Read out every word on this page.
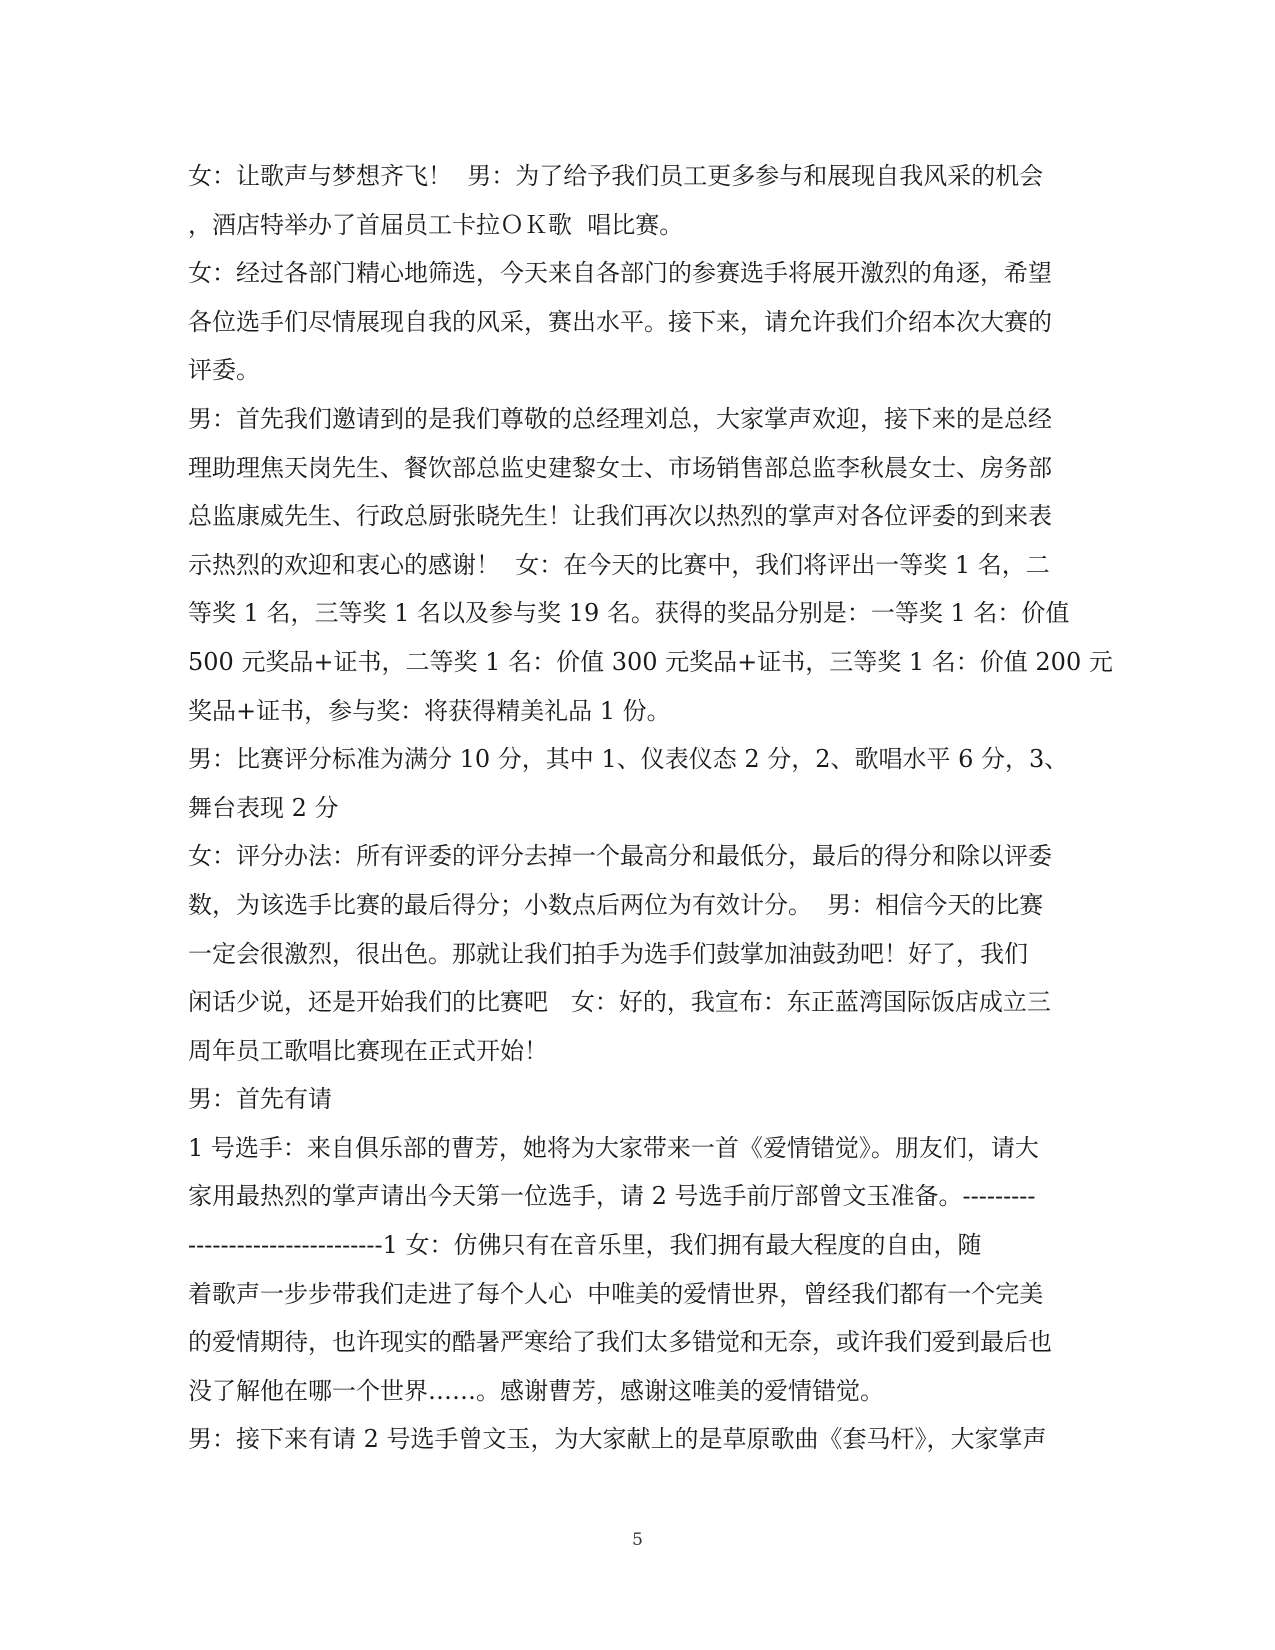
女：让歌声与梦想齐飞！  男：为了给予我们员工更多参与和展现自我风采的机会
，酒店特举办了首届员工卡拉ＯＫ歌  唱比赛。
女：经过各部门精心地筛选，今天来自各部门的参赛选手将展开激烈的角逐，希望
各位选手们尽情展现自我的风采，赛出水平。接下来，请允许我们介绍本次大赛的
评委。
男：首先我们邀请到的是我们尊敬的总经理刘总，大家掌声欢迎，接下来的是总经
理助理焦天岗先生、餐饮部总监史建黎女士、市场销售部总监李秋晨女士、房务部
总监康威先生、行政总厨张晓先生！让我们再次以热烈的掌声对各位评委的到来表
示热烈的欢迎和衷心的感谢！  女：在今天的比赛中，我们将评出一等奖 1 名，二
等奖 1 名，三等奖 1 名以及参与奖 19 名。获得的奖品分别是：一等奖 1 名：价值
500 元奖品+证书，二等奖 1 名：价值 300 元奖品+证书，三等奖 1 名：价值 200 元
奖品+证书，参与奖：将获得精美礼品 1 份。
男：比赛评分标准为满分 10 分，其中 1、仪表仪态 2 分，2、歌唱水平 6 分，3、
舞台表现 2 分
女：评分办法：所有评委的评分去掉一个最高分和最低分，最后的得分和除以评委
数，为该选手比赛的最后得分；小数点后两位为有效计分。  男：相信今天的比赛
一定会很激烈，很出色。那就让我们拍手为选手们鼓掌加油鼓劲吧！好了，我们
闲话少说，还是开始我们的比赛吧   女：好的，我宣布：东正蓝湾国际饭店成立三
周年员工歌唱比赛现在正式开始！
男：首先有请
1 号选手：来自俱乐部的曹芳，她将为大家带来一首《爱情错觉》。朋友们，请大
家用最热烈的掌声请出今天第一位选手，请 2 号选手前厅部曾文玉准备。---------
------------------------1 女：仿佛只有在音乐里，我们拥有最大程度的自由，随
着歌声一步步带我们走进了每个人心  中唯美的爱情世界，曾经我们都有一个完美
的爱情期待，也许现实的酷暑严寒给了我们太多错觉和无奈，或许我们爱到最后也
没了解他在哪一个世界……。感谢曹芳，感谢这唯美的爱情错觉。
男：接下来有请 2 号选手曾文玉，为大家献上的是草原歌曲《套马杆》，大家掌声
5
